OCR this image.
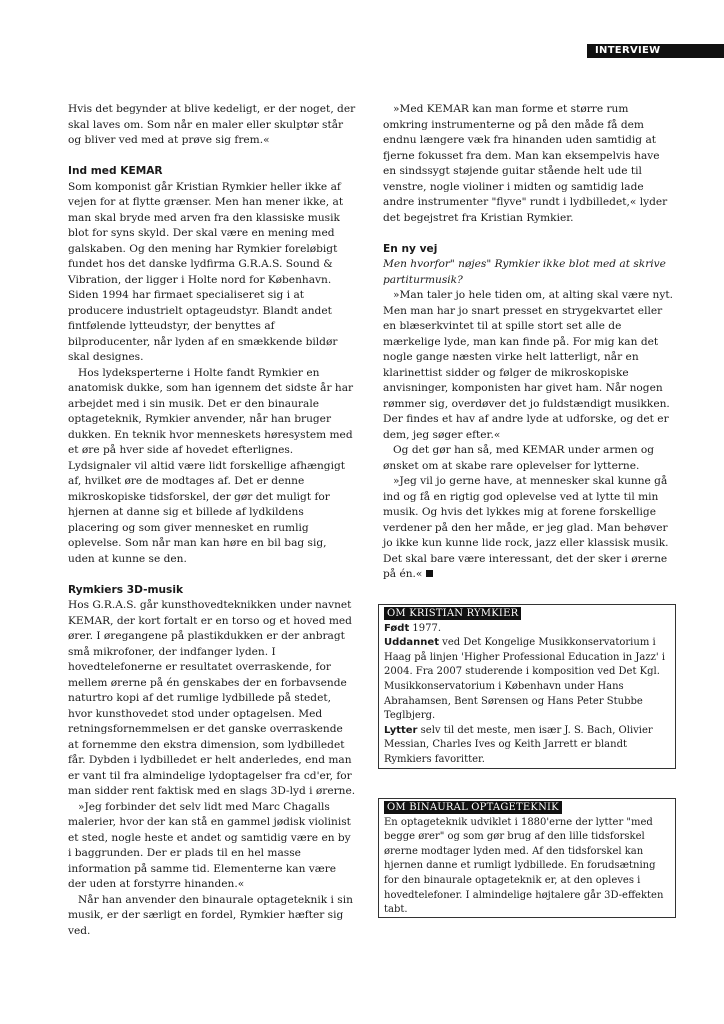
INTERVIEW

Hvis det begynder at blive kedeligt, er der noget, der skal laves om. Som når en maler eller skulptør står og bliver ved med at prøve sig frem.«

Ind med KEMAR

Som komponist går Kristian Rymkier heller ikke af vejen for at flytte grænser. Men han mener ikke, at man skal bryde med arven fra den klassiske musik blot for syns skyld. Der skal være en mening med galskaben. Og den mening har Rymkier foreløbigt fundet hos det danske lydfirma G.R.A.S. Sound & Vibration, der ligger i Holte nord for København. Siden 1994 har firmaet specialiseret sig i at producere industrielt optageudstyr. Blandt andet fintfølende lytteudstyr, der benyttes af bilproducenter, når lyden af en smækkende bildør skal designes.

Hos lydeksperterne i Holte fandt Rymkier en anatomisk dukke, som han igennem det sidste år har arbejdet med i sin musik. Det er den binaurale optageteknik, Rymkier anvender, når han bruger dukken. En teknik hvor menneskets høresystem med et øre på hver side af hovedet efterlignes. Lydsignaler vil altid være lidt forskellige afhængigt af, hvilket øre de modtages af. Det er denne mikroskopiske tidsforskel, der gør det muligt for hjernen at danne sig et billede af lydkildens placering og som giver mennesket en rumlig oplevelse. Som når man kan høre en bil bag sig, uden at kunne se den.

Rymkiers 3D-musik

Hos G.R.A.S. går kunsthovedteknikken under navnet KEMAR, der kort fortalt er en torso og et hoved med ører. I øregangene på plastikdukken er der anbragt små mikrofoner, der indfanger lyden. I hovedtelefonerne er resultatet overraskende, for mellem ørerne på én genskabes der en forbavsende naturtro kopi af det rumlige lydbillede på stedet, hvor kunsthovedet stod under optagelsen. Med retningsfornemmelsen er det ganske overraskende at fornemme den ekstra dimension, som lydbilledet får. Dybden i lydbilledet er helt anderledes, end man er vant til fra almindelige lydoptagelser fra cd'er, for man sidder rent faktisk med en slags 3D-lyd i ørerne.

»Jeg forbinder det selv lidt med Marc Chagalls malerier, hvor der kan stå en gammel jødisk violinist et sted, nogle heste et andet og samtidig være en by i baggrunden. Der er plads til en hel masse information på samme tid. Elementerne kan være der uden at forstyrre hinanden.«

Når han anvender den binaurale optageteknik i sin musik, er der særligt en fordel, Rymkier hæfter sig ved.

»Med KEMAR kan man forme et større rum omkring instrumenterne og på den måde få dem endnu længere væk fra hinanden uden samtidig at fjerne fokusset fra dem. Man kan eksempelvis have en sindssygt støjende guitar stående helt ude til venstre, nogle violiner i midten og samtidig lade andre instrumenter "flyve" rundt i lydbilledet,« lyder det begejstret fra Kristian Rymkier.

En ny vej

Men hvorfor" nøjes" Rymkier ikke blot med at skrive partiturmusik?

»Man taler jo hele tiden om, at alting skal være nyt. Men man har jo snart presset en strygekvartet eller en blæserkvintet til at spille stort set alle de mærkelige lyde, man kan finde på. For mig kan det nogle gange næsten virke helt latterligt, når en klarinettist sidder og følger de mikroskopiske anvisninger, komponisten har givet ham. Når nogen rømmer sig, overdøver det jo fuldstændigt musikken. Der findes et hav af andre lyde at udforske, og det er dem, jeg søger efter.«

Og det gør han så, med KEMAR under armen og ønsket om at skabe rare oplevelser for lytterne.

»Jeg vil jo gerne have, at mennesker skal kunne gå ind og få en rigtig god oplevelse ved at lytte til min musik. Og hvis det lykkes mig at forene forskellige verdener på den her måde, er jeg glad. Man behøver jo ikke kun kunne lide rock, jazz eller klassisk musik. Det skal bare være interessant, det der sker i ørerne på én.«

OM KRISTIAN RYMKIER

Født 1977.

Uddannet ved Det Kongelige Musikkonservatorium i Haag på linjen 'Higher Professional Education in Jazz' i 2004. Fra 2007 studerende i komposition ved Det Kgl. Musikkonservatorium i København under Hans Abrahamsen, Bent Sørensen og Hans Peter Stubbe Teglbjerg.

Lytter selv til det meste, men især J. S. Bach, Olivier Messian, Charles Ives og Keith Jarrett er blandt Rymkiers favoritter.

OM BINAURAL OPTAGETEKNIK

En optageteknik udviklet i 1880'erne der lytter "med begge ører" og som gør brug af den lille tidsforskel ørerne modtager lyden med. Af den tidsforskel kan hjernen danne et rumligt lydbillede. En forudsætning for den binaurale optageteknik er, at den opleves i hovedtelefoner. I almindelige højtalere går 3D-effekten tabt.
